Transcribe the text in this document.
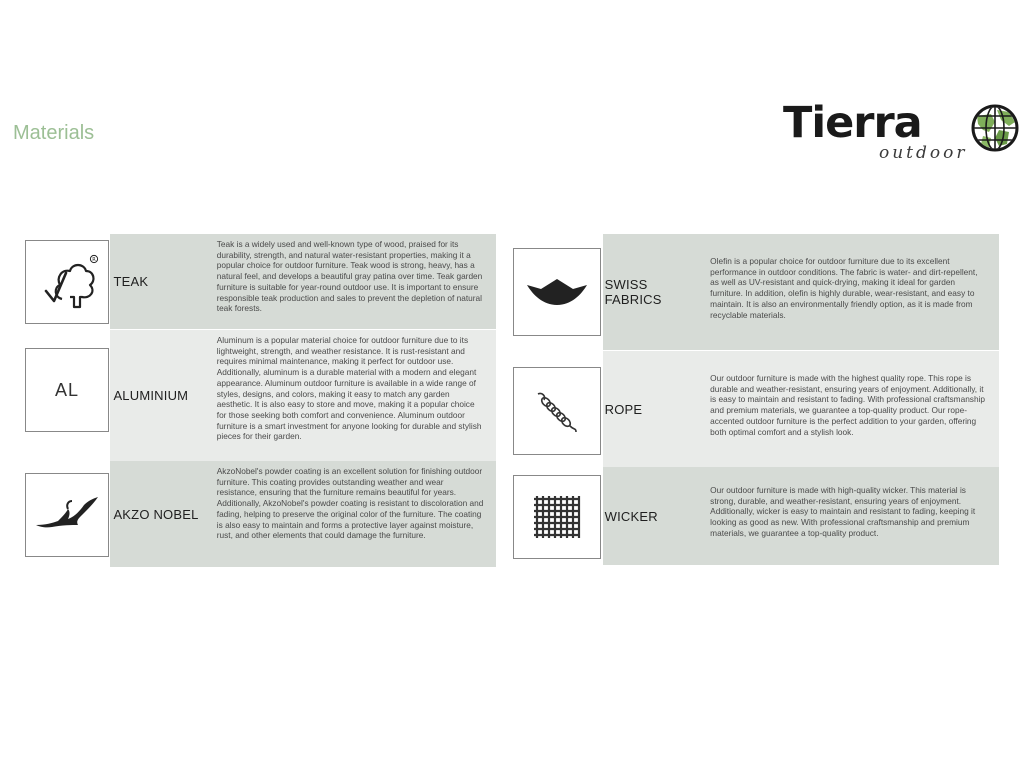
Materials	Tierra
outdoor
R
TEAK
Teak is a widely used and well-known type of wood, praised for its durability, strength, and natural water-resistant properties, making it a popular choice for outdoor furniture. Teak wood is strong, heavy, has a natural feel, and develops a beautiful gray patina over time. Teak garden furniture is suitable for year-round outdoor use. It is important to ensure responsible teak production and sales to prevent the depletion of natural teak forests.
AL	ALUMINIUM
Aluminum is a popular material choice for outdoor furniture due to its lightweight, strength, and weather resistance. It is rust-resistant and requires minimal maintenance, making it perfect for outdoor use. Additionally, aluminum is a durable material with a modern and elegant appearance. Aluminum outdoor furniture is available in a wide range of styles, designs, and colors, making it easy to match any garden aesthetic. It is also easy to store and move, making it a popular choice for those seeking both comfort and convenience. Aluminum outdoor furniture is a smart investment for anyone looking for durable and stylish pieces for their garden.
AKZO NOBEL
AkzoNobel's powder coating is an excellent solution for finishing outdoor furniture. This coating provides outstanding weather and wear resistance, ensuring that the furniture remains beautiful for years. Additionally, AkzoNobel's powder coating is resistant to discoloration and fading, helping to preserve the original color of the furniture. The coating is also easy to maintain and forms a protective layer against moisture, rust, and other elements that could damage the furniture.
SWISS FABRICS
Olefin is a popular choice for outdoor furniture due to its excellent performance in outdoor conditions. The fabric is water- and dirt-repellent, as well as UV-resistant and quick-drying, making it ideal for garden furniture. In addition, olefin is highly durable, wear-resistant, and easy to maintain. It is also an environmentally friendly option, as it is made from recyclable materials.
ROPE
Our outdoor furniture is made with the highest quality rope. This rope is durable and weather-resistant, ensuring years of enjoyment. Additionally, it is easy to maintain and resistant to fading. With professional craftsmanship and premium materials, we guarantee a top-quality product. Our rope-accented outdoor furniture is the perfect addition to your garden, offering both optimal comfort and a stylish look.
WICKER
Our outdoor furniture is made with high-quality wicker. This material is strong, durable, and weather-resistant, ensuring years of enjoyment. Additionally, wicker is easy to maintain and resistant to fading, keeping it looking as good as new. With professional craftsmanship and premium materials, we guarantee a top-quality product.
